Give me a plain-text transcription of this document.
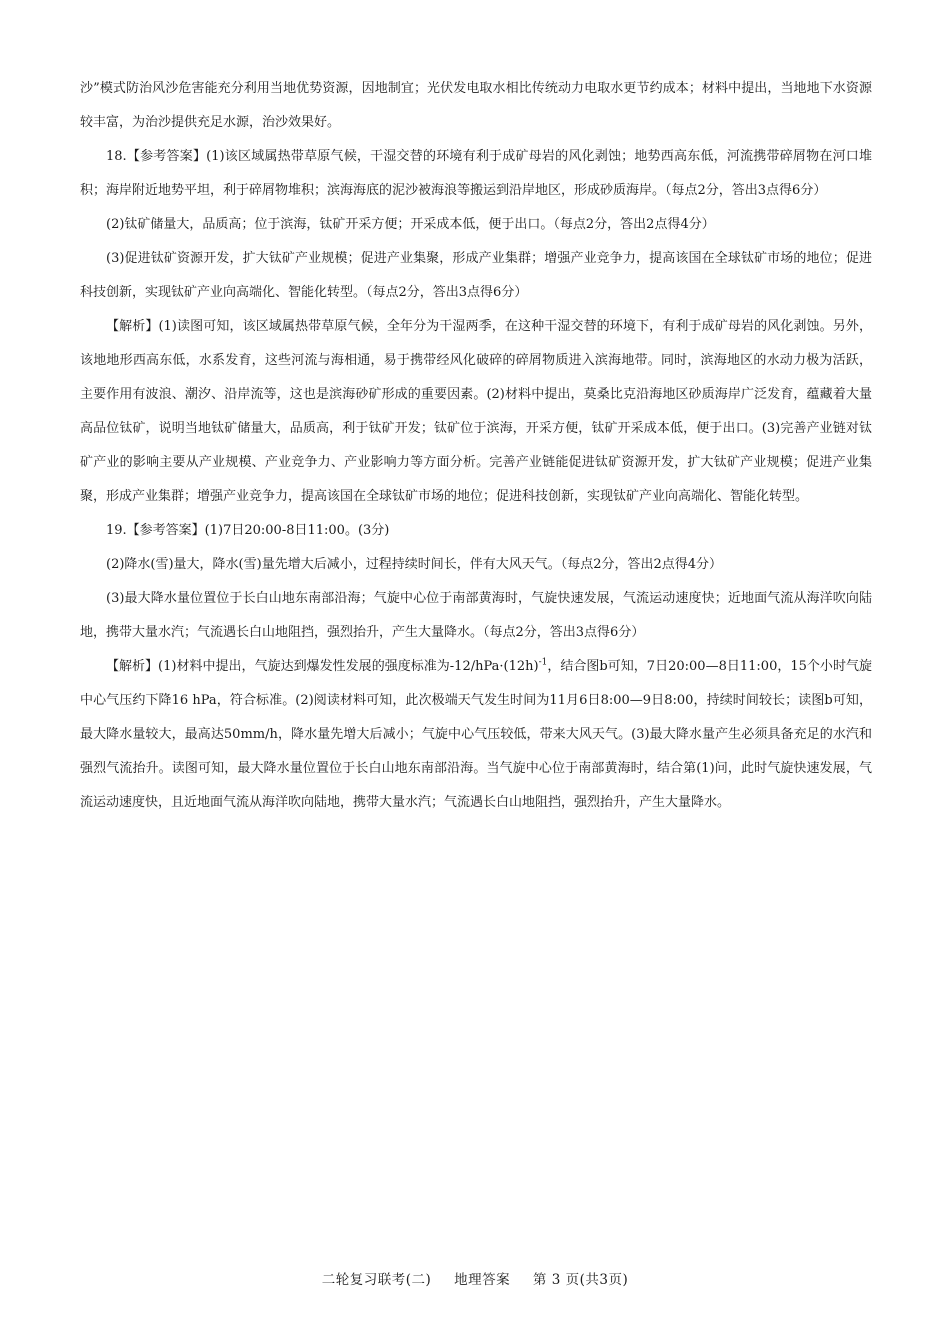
沙”模式防治风沙危害能充分利用当地优势资源，因地制宜；光伏发电取水相比传统动力电取水更节约成本；材料中提出，当地地下水资源较丰富，为治沙提供充足水源，治沙效果好。

18.【参考答案】(1)该区域属热带草原气候，干湿交替的环境有利于成矿母岩的风化剥蚀；地势西高东低，河流携带碎屑物在河口堆积；海岸附近地势平坦，利于碎屑物堆积；滨海海底的泥沙被海浪等搬运到沿岸地区，形成砂质海岸。（每点2分，答出3点得6分）

(2)钛矿储量大，品质高；位于滨海，钛矿开采方便；开采成本低，便于出口。（每点2分，答出2点得4分）

(3)促进钛矿资源开发，扩大钛矿产业规模；促进产业集聚，形成产业集群；增强产业竞争力，提高该国在全球钛矿市场的地位；促进科技创新，实现钛矿产业向高端化、智能化转型。（每点2分，答出3点得6分）

【解析】(1)读图可知，该区域属热带草原气候，全年分为干湿两季，在这种干湿交替的环境下，有利于成矿母岩的风化剥蚀。另外，该地地形西高东低，水系发育，这些河流与海相通，易于携带经风化破碎的碎屑物质进入滨海地带。同时，滨海地区的水动力极为活跃，主要作用有波浪、潮汐、沿岸流等，这也是滨海砂矿形成的重要因素。(2)材料中提出，莫桑比克沿海地区砂质海岸广泛发育，蕴藏着大量高品位钛矿，说明当地钛矿储量大，品质高，利于钛矿开发；钛矿位于滨海，开采方便，钛矿开采成本低，便于出口。(3)完善产业链对钛矿产业的影响主要从产业规模、产业竞争力、产业影响力等方面分析。完善产业链能促进钛矿资源开发，扩大钛矿产业规模；促进产业集聚，形成产业集群；增强产业竞争力，提高该国在全球钛矿市场的地位；促进科技创新，实现钛矿产业向高端化、智能化转型。

19.【参考答案】(1)7日20:00-8日11:00。(3分)

(2)降水(雪)量大，降水(雪)量先增大后减小，过程持续时间长，伴有大风天气。（每点2分，答出2点得4分）

(3)最大降水量位置位于长白山地东南部沿海；气旋中心位于南部黄海时，气旋快速发展，气流运动速度快；近地面气流从海洋吹向陆地，携带大量水汽；气流遇长白山地阻挡，强烈抬升，产生大量降水。（每点2分，答出3点得6分）

【解析】(1)材料中提出，气旋达到爆发性发展的强度标准为$-12/hPa\cdot(12h)^{-1}$，结合图b可知，7日20:00—8日11:00，15个小时气旋中心气压约下降16 hPa，符合标准。(2)阅读材料可知，此次极端天气发生时间为11月6日8:00—9日8:00，持续时间较长；读图b可知，最大降水量较大，最高达50mm/h，降水量先增大后减小；气旋中心气压较低，带来大风天气。(3)最大降水量产生必须具备充足的水汽和强烈气流抬升。读图可知，最大降水量位置位于长白山地东南部沿海。当气旋中心位于南部黄海时，结合第(1)问，此时气旋快速发展，气流运动速度快，且近地面气流从海洋吹向陆地，携带大量水汽；气流遇长白山地阻挡，强烈抬升，产生大量降水。

二轮复习联考(二) 地理答案 第 3 页(共3页)
